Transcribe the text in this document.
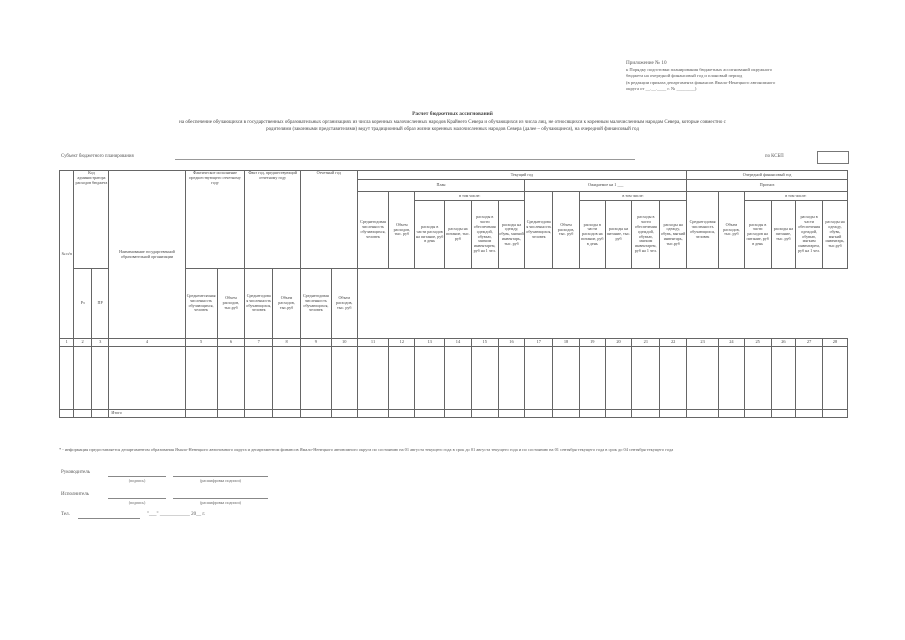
Приложение № 10
к Порядку подготовки планирования бюджетных ассигнований окружного
бюджета на очередной финансовый год и плановый период
(в редакции приказа департамента финансов Ямало-Ненецкого автономного
округа от __.__.____ г. № ________)
Расчет бюджетных ассигнований
на обеспечение обучающихся в государственных образовательных организациях из числа коренных малочисленных народов Крайнего Севера и обучающихся из числа лиц, не относящихся к коренным малочисленным народам Севера, которые совместно с
родителями (законными представителями) ведут традиционный образ жизни коренных малочисленных народов Севера (далее – обучающиеся), на очередной финансовый год
Субъект бюджетного планирования	по КСБП
№ п/п	Код администратора расходов бюджета		Наименование государственной образовательной организации	Фактическое исполнение предшествующего отчетному году		Факт год, предшествующий отчетному году		Отчетный год		Текущий год												Очередной финансовый год					
										План						Ожидаемое на 1 ___						Прогноз					
										Среднегодовая численность обучающихся, человек	Объем расходов, тыс. руб	в том числе:				Среднегодовая численность обучающихся, человек	Объем расходов, тыс. руб	в том числе:				Среднегодовая численность обучающихся, человек	Объем расходов, тыс. руб	в том числе:			
												расходы в части расходов на питание, руб в день	расходы на питание, тыс. руб	расходы в части обеспечения одеждой, обувью, мягким инвентарем, руб на 1 чел.	расходы на одежду, обувь, мягкий инвентарь, тыс. руб			расходы в части расходов на питание, руб в день	расходы на питание, тыс. руб	расходы в части обеспечения одеждой, обувью, мягким инвентарем, руб на 1 чел.	расходы на одежду, обувь, мягкий инвентарь, тыс.руб			расходы в части расходов на питание, руб в день	расходы на питание, тыс. руб	расходы в части обеспечения одеждой, обувью, мягким инвентарем, руб на 1 чел.	расходы на одежду, обувь, мягкий инвентарь, тыс.руб

	Рз	ПР		Среднемесячная численность обучающихся, человек	Объем расходов, тыс.руб	Среднегодовая численность обучающихся, человек	Объем расходов, тыс.руб	Среднегодовая численность обучающихся, человек	Объем расходов, тыс. руб																		
1	2	3	4	5	6	7	8	9	10	11	12	13	14	15	16	17	18	19	20	21	22	23	24	25	26	27	28

			Итого																								
* - информация предоставляется департаментом образования Ямало-Ненецкого автономного округа и департаментом финансов Ямало-Ненецкого автономного округа по состоянию на 01 августа текущего года в срок до 01 августа текущего года и по состоянию на 01 сентября текущего года в срок до 04 сентября текущего года
Руководитель
(подпись)	(расшифровка подписи)
Исполнитель
(подпись)	(расшифровка подписи)
Тел.	"___" ____________ 20__ г.
